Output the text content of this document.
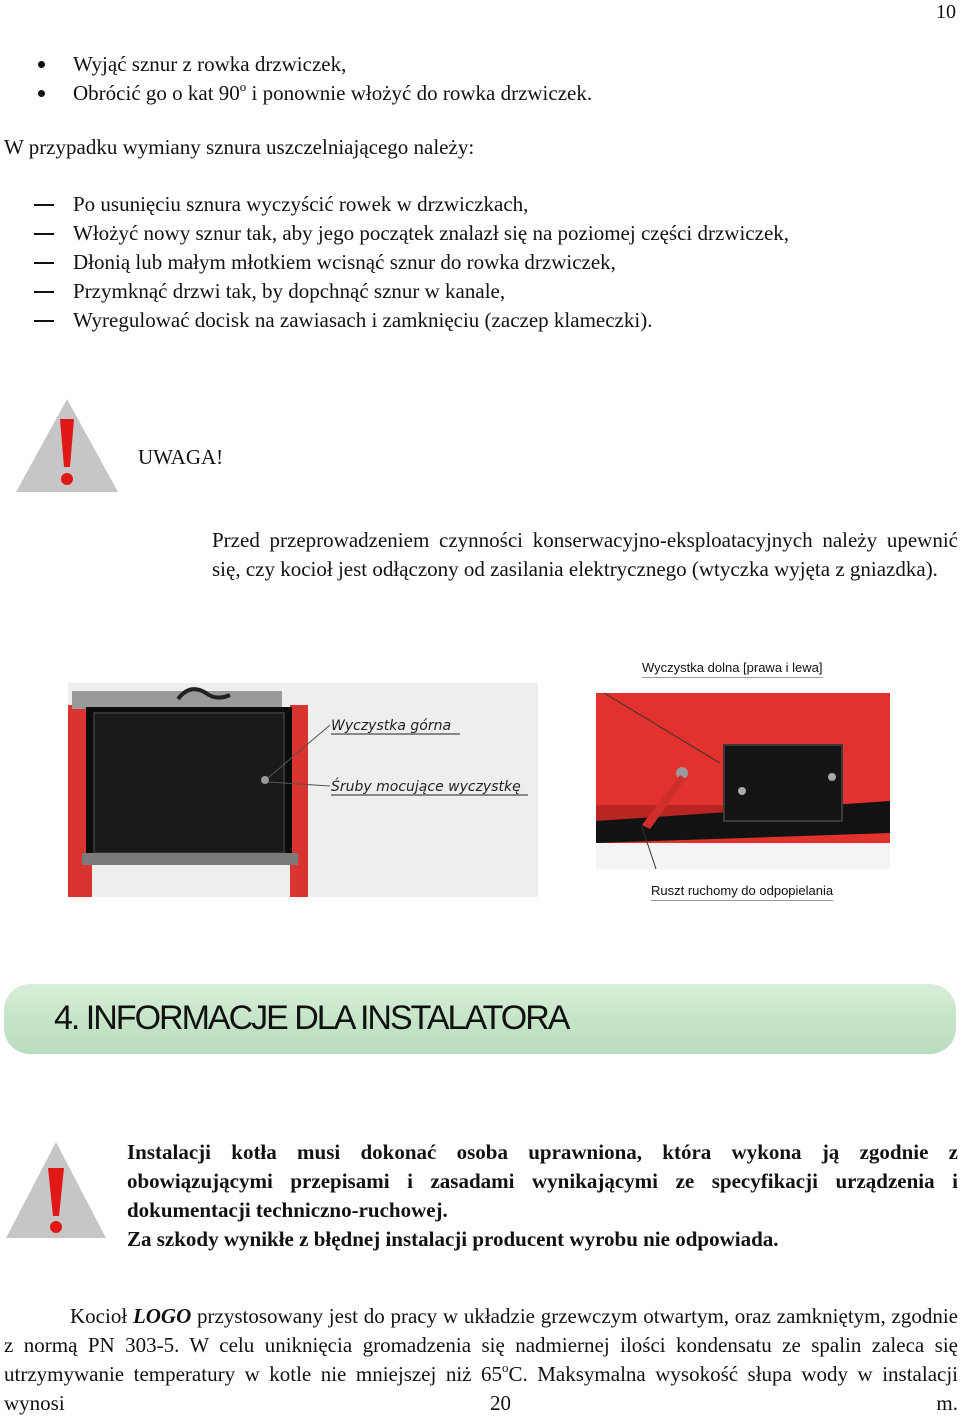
10
Wyjąć sznur z rowka drzwiczek,
Obrócić go o kat 90$^o$ i ponownie włożyć do rowka drzwiczek.
W przypadku wymiany sznura uszczelniającego należy:
Po usunięciu sznura wyczyścić rowek w drzwiczkach,
Włożyć nowy sznur tak, aby jego początek znalazł się na poziomej części drzwiczek,
Dłonią lub małym młotkiem wcisnąć sznur do rowka drzwiczek,
Przymknąć drzwi tak, by dopchnąć sznur w kanale,
Wyregulować docisk na zawiasach i zamknięciu (zaczep klameczki).
UWAGA!
Przed przeprowadzeniem czynności konserwacyjno-eksploatacyjnych należy upewnić się, czy kocioł jest odłączony od zasilania elektrycznego (wtyczka wyjęta z gniazdka).
Wyczystka górna
Śruby mocujące wyczystkę
Wyczystka dolna [prawa i lewa]
Ruszt ruchomy do odpopielania
4. INFORMACJE DLA INSTALATORA

Instalacji kotła musi dokonać osoba uprawniona, która wykona ją zgodnie z obowiązującymi przepisami i zasadami wynikającymi ze specyfikacji urządzenia i dokumentacji techniczno-ruchowej.

Za szkody wynikłe z błędnej instalacji producent wyrobu nie odpowiada.

Kocioł LOGO przystosowany jest do pracy w układzie grzewczym otwartym, oraz zamkniętym, zgodnie z normą PN 303-5. W celu uniknięcia gromadzenia się nadmiernej ilości kondensatu ze spalin zaleca się utrzymywanie temperatury w kotle nie mniejszej niż 65$^o$C. Maksymalna wysokość słupa wody w instalacji wynosi 20 m.
